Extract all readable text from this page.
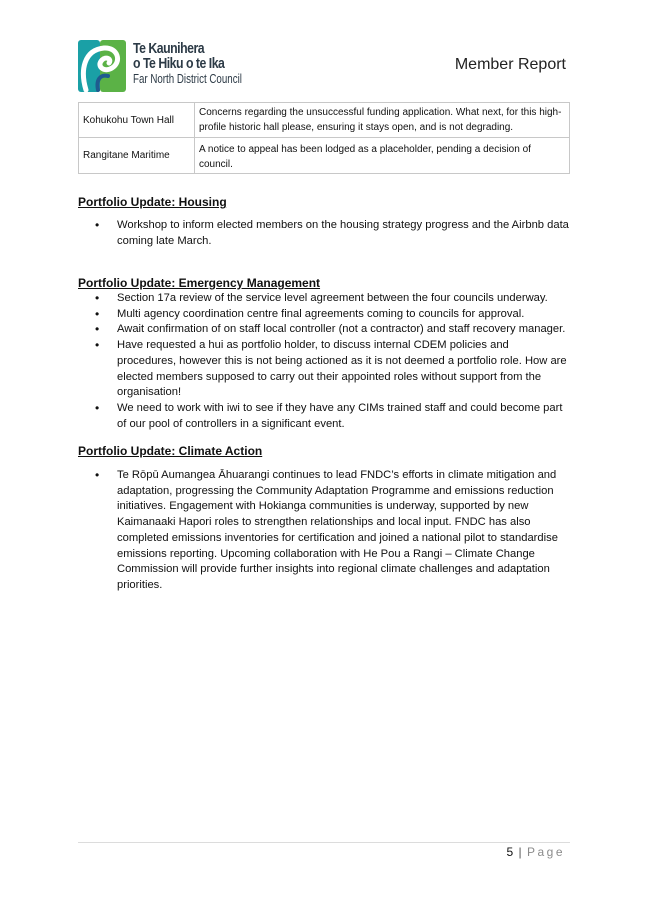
Te Kaunihera
o Te Hiku o te Ika
Far North District Council
Member Report
Kohukohu Town Hall	Concerns regarding the unsuccessful funding application. What next, for this high-profile historic hall please, ensuring it stays open, and is not degrading.
Rangitane Maritime	A notice to appeal has been lodged as a placeholder, pending a decision of council.
Portfolio Update: Housing
• Workshop to inform elected members on the housing strategy progress and the Airbnb data coming late March.
Portfolio Update: Emergency Management
• Section 17a review of the service level agreement between the four councils underway.
• Multi agency coordination centre final agreements coming to councils for approval.
• Await confirmation of on staff local controller (not a contractor) and staff recovery manager.
• Have requested a hui as portfolio holder, to discuss internal CDEM policies and procedures, however this is not being actioned as it is not deemed a portfolio role. How are elected members supposed to carry out their appointed roles without support from the organisation!
• We need to work with iwi to see if they have any CIMs trained staff and could become part of our pool of controllers in a significant event.
Portfolio Update: Climate Action
• Te Rōpū Aumangea Āhuarangi continues to lead FNDC’s efforts in climate mitigation and adaptation, progressing the Community Adaptation Programme and emissions reduction initiatives. Engagement with Hokianga communities is underway, supported by new Kaimanaaki Hapori roles to strengthen relationships and local input. FNDC has also completed emissions inventories for certification and joined a national pilot to standardise emissions reporting. Upcoming collaboration with He Pou a Rangi – Climate Change Commission will provide further insights into regional climate challenges and adaptation priorities.
5 | Page
